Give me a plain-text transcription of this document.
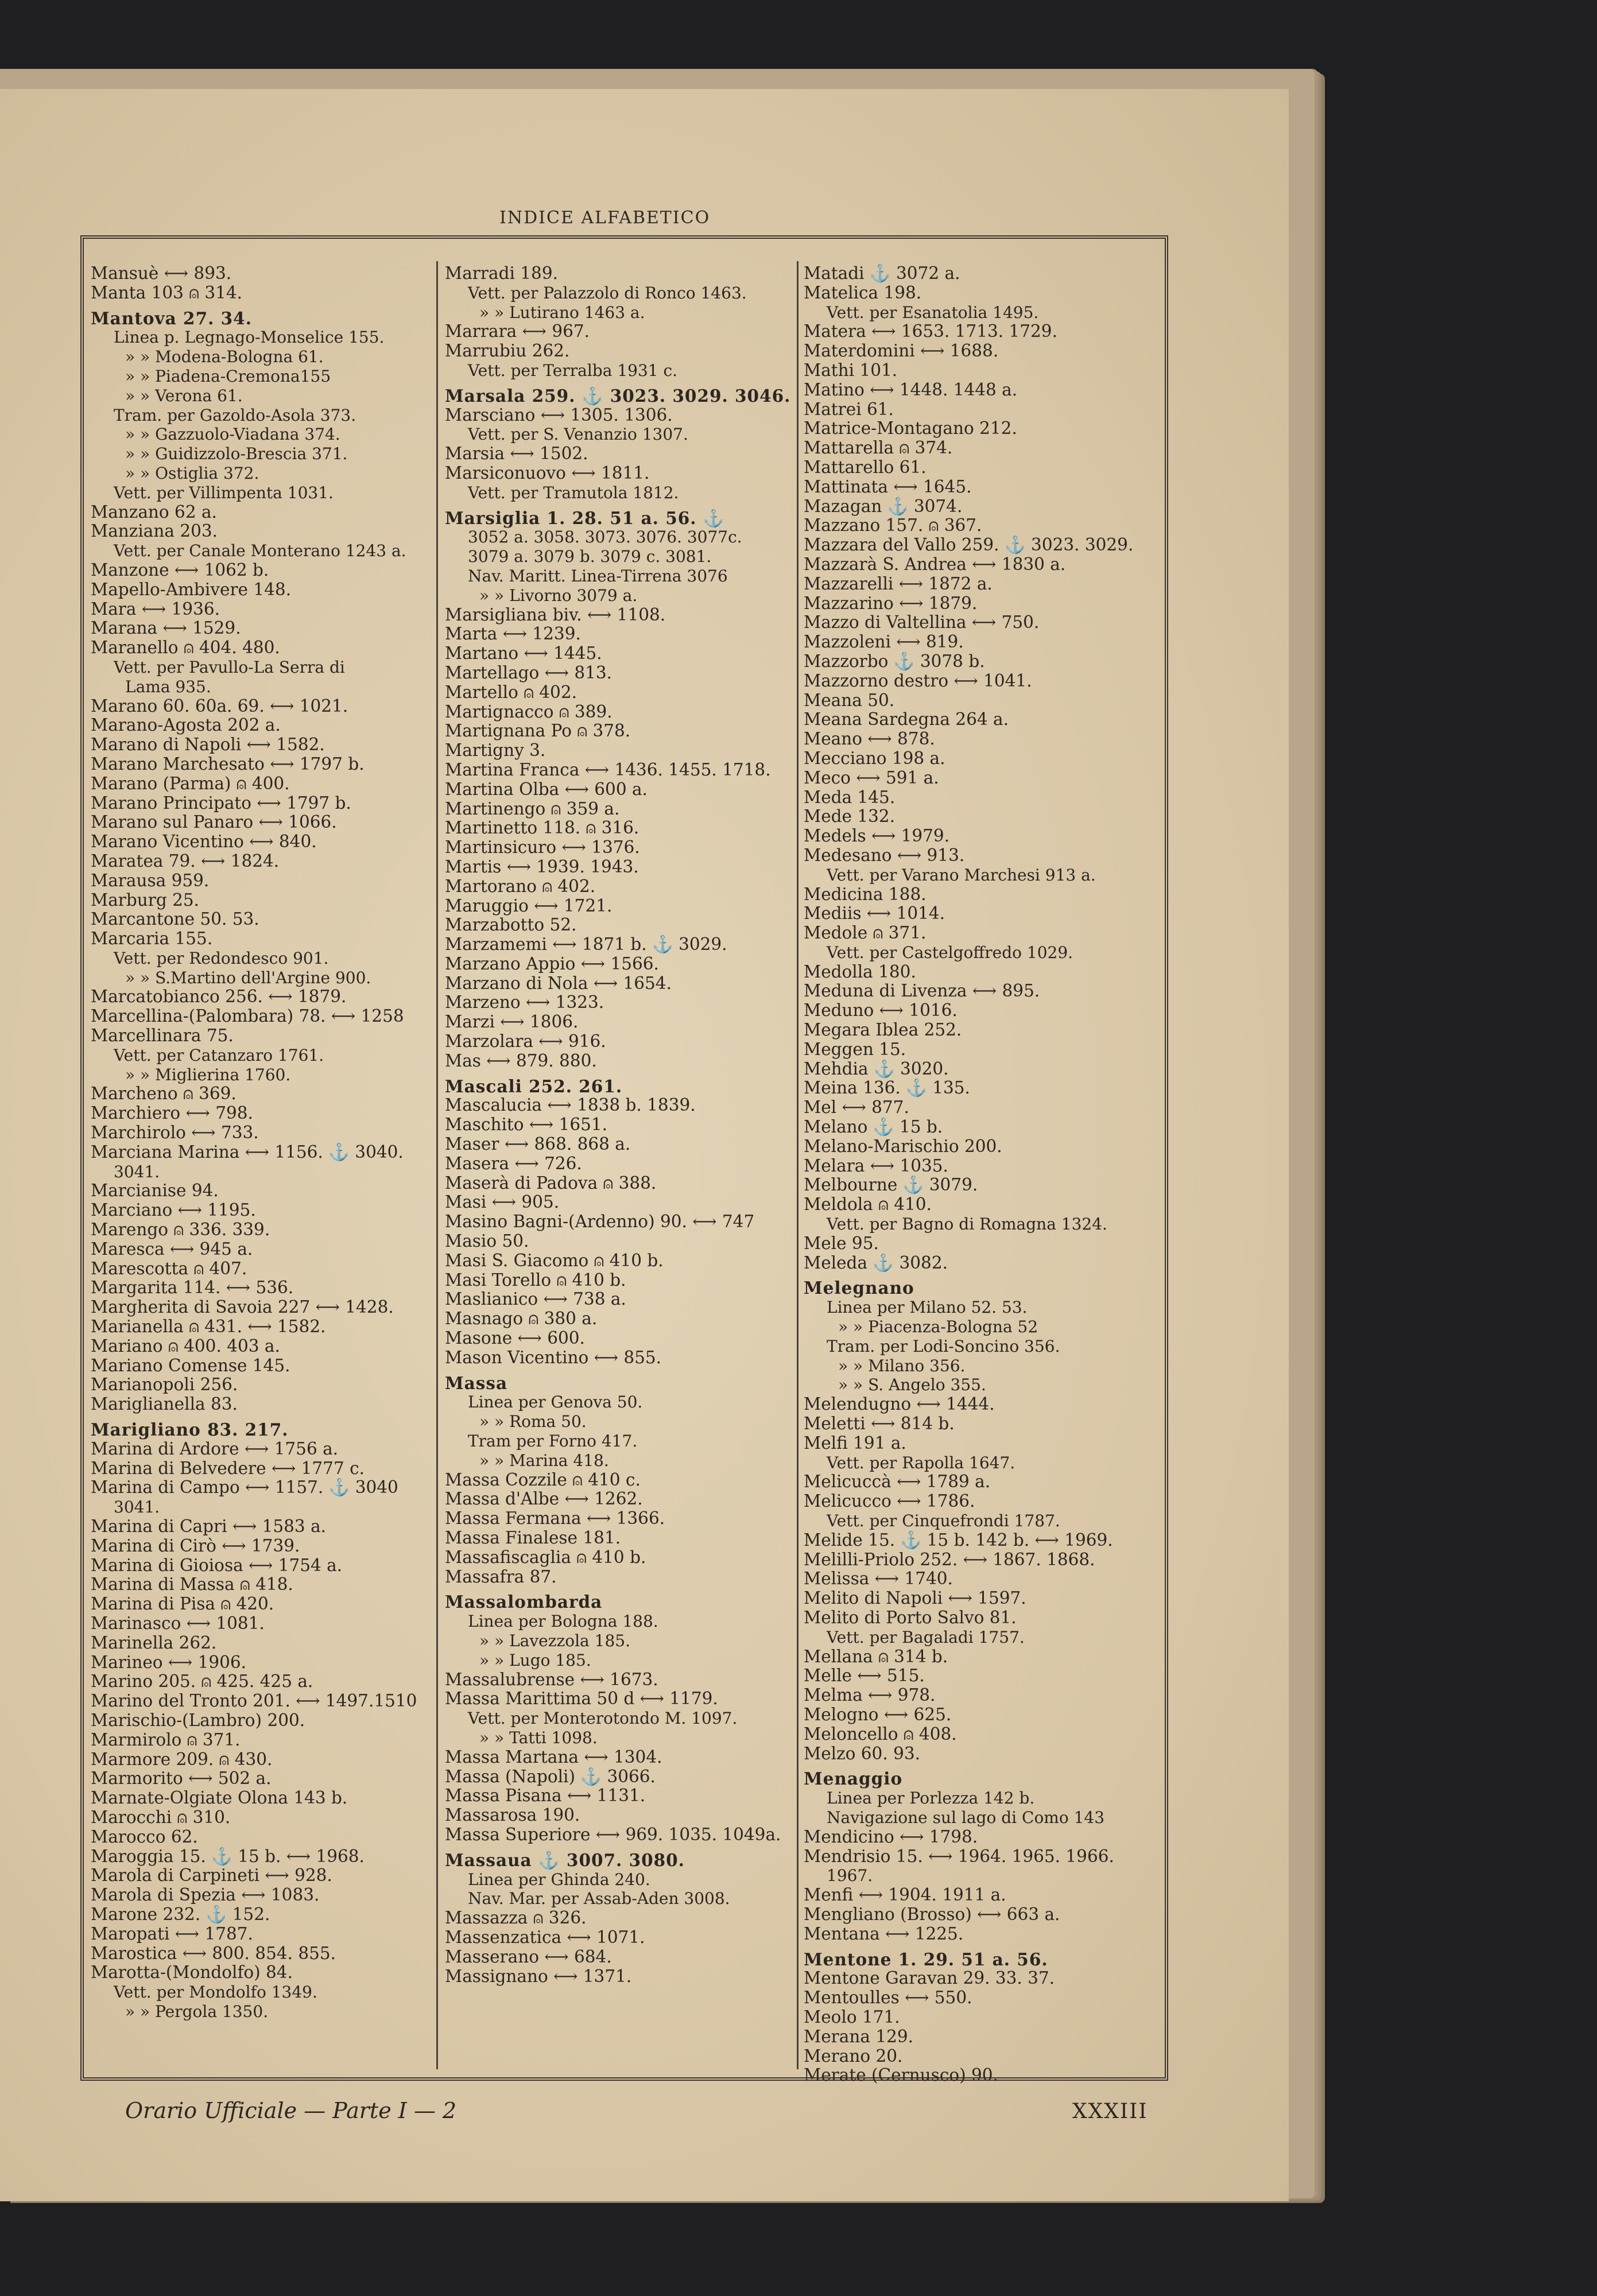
INDICE ALFABETICO
Mansuè ⟷ 893.
Manta 103 ⍝ 314.
Mantova 27. 34.
Linea p. Legnago-Monselice 155.
» » Modena-Bologna 61.
» » Piadena-Cremona155
» » Verona 61.
Tram. per Gazoldo-Asola 373.
» » Gazzuolo-Viadana 374.
» » Guidizzolo-Brescia 371.
» » Ostiglia 372.
Vett. per Villimpenta 1031.
Manzano 62 a.
Manziana 203.
Vett. per Canale Monterano 1243 a.
Manzone ⟷ 1062 b.
Mapello-Ambivere 148.
Mara ⟷ 1936.
Marana ⟷ 1529.
Maranello ⍝ 404. 480.
Vett. per Pavullo-La Serra di
Lama 935.
Marano 60. 60a. 69. ⟷ 1021.
Marano-Agosta 202 a.
Marano di Napoli ⟷ 1582.
Marano Marchesato ⟷ 1797 b.
Marano (Parma) ⍝ 400.
Marano Principato ⟷ 1797 b.
Marano sul Panaro ⟷ 1066.
Marano Vicentino ⟷ 840.
Maratea 79. ⟷ 1824.
Marausa 959.
Marburg 25.
Marcantone 50. 53.
Marcaria 155.
Vett. per Redondesco 901.
» » S.Martino dell'Argine 900.
Marcatobianco 256. ⟷ 1879.
Marcellina-(Palombara) 78. ⟷ 1258
Marcellinara 75.
Vett. per Catanzaro 1761.
» » Miglierina 1760.
Marcheno ⍝ 369.
Marchiero ⟷ 798.
Marchirolo ⟷ 733.
Marciana Marina ⟷ 1156. ⚓ 3040.
3041.
Marcianise 94.
Marciano ⟷ 1195.
Marengo ⍝ 336. 339.
Maresca ⟷ 945 a.
Marescotta ⍝ 407.
Margarita 114. ⟷ 536.
Margherita di Savoia 227 ⟷ 1428.
Marianella ⍝ 431. ⟷ 1582.
Mariano ⍝ 400. 403 a.
Mariano Comense 145.
Marianopoli 256.
Mariglianella 83.
Marigliano 83. 217.
Marina di Ardore ⟷ 1756 a.
Marina di Belvedere ⟷ 1777 c.
Marina di Campo ⟷ 1157. ⚓ 3040
3041.
Marina di Capri ⟷ 1583 a.
Marina di Cirò ⟷ 1739.
Marina di Gioiosa ⟷ 1754 a.
Marina di Massa ⍝ 418.
Marina di Pisa ⍝ 420.
Marinasco ⟷ 1081.
Marinella 262.
Marineo ⟷ 1906.
Marino 205. ⍝ 425. 425 a.
Marino del Tronto 201. ⟷ 1497.1510
Marischio-(Lambro) 200.
Marmirolo ⍝ 371.
Marmore 209. ⍝ 430.
Marmorito ⟷ 502 a.
Marnate-Olgiate Olona 143 b.
Marocchi ⍝ 310.
Marocco 62.
Maroggia 15. ⚓ 15 b. ⟷ 1968.
Marola di Carpineti ⟷ 928.
Marola di Spezia ⟷ 1083.
Marone 232. ⚓ 152.
Maropati ⟷ 1787.
Marostica ⟷ 800. 854. 855.
Marotta-(Mondolfo) 84.
Vett. per Mondolfo 1349.
» » Pergola 1350.
Marradi 189.
Vett. per Palazzolo di Ronco 1463.
» » Lutirano 1463 a.
Marrara ⟷ 967.
Marrubiu 262.
Vett. per Terralba 1931 c.
Marsala 259. ⚓ 3023. 3029. 3046.
Marsciano ⟷ 1305. 1306.
Vett. per S. Venanzio 1307.
Marsia ⟷ 1502.
Marsiconuovo ⟷ 1811.
Vett. per Tramutola 1812.
Marsiglia 1. 28. 51 a. 56. ⚓
3052 a. 3058. 3073. 3076. 3077c.
3079 a. 3079 b. 3079 c. 3081.
Nav. Maritt. Linea-Tirrena 3076
» » Livorno 3079 a.
Marsigliana biv. ⟷ 1108.
Marta ⟷ 1239.
Martano ⟷ 1445.
Martellago ⟷ 813.
Martello ⍝ 402.
Martignacco ⍝ 389.
Martignana Po ⍝ 378.
Martigny 3.
Martina Franca ⟷ 1436. 1455. 1718.
Martina Olba ⟷ 600 a.
Martinengo ⍝ 359 a.
Martinetto 118. ⍝ 316.
Martinsicuro ⟷ 1376.
Martis ⟷ 1939. 1943.
Martorano ⍝ 402.
Maruggio ⟷ 1721.
Marzabotto 52.
Marzamemi ⟷ 1871 b. ⚓ 3029.
Marzano Appio ⟷ 1566.
Marzano di Nola ⟷ 1654.
Marzeno ⟷ 1323.
Marzi ⟷ 1806.
Marzolara ⟷ 916.
Mas ⟷ 879. 880.
Mascali 252. 261.
Mascalucia ⟷ 1838 b. 1839.
Maschito ⟷ 1651.
Maser ⟷ 868. 868 a.
Masera ⟷ 726.
Maserà di Padova ⍝ 388.
Masi ⟷ 905.
Masino Bagni-(Ardenno) 90. ⟷ 747
Masio 50.
Masi S. Giacomo ⍝ 410 b.
Masi Torello ⍝ 410 b.
Maslianico ⟷ 738 a.
Masnago ⍝ 380 a.
Masone ⟷ 600.
Mason Vicentino ⟷ 855.
Massa
Linea per Genova 50.
» » Roma 50.
Tram per Forno 417.
» » Marina 418.
Massa Cozzile ⍝ 410 c.
Massa d'Albe ⟷ 1262.
Massa Fermana ⟷ 1366.
Massa Finalese 181.
Massafiscaglia ⍝ 410 b.
Massafra 87.
Massalombarda
Linea per Bologna 188.
» » Lavezzola 185.
» » Lugo 185.
Massalubrense ⟷ 1673.
Massa Marittima 50 d ⟷ 1179.
Vett. per Monterotondo M. 1097.
» » Tatti 1098.
Massa Martana ⟷ 1304.
Massa (Napoli) ⚓ 3066.
Massa Pisana ⟷ 1131.
Massarosa 190.
Massa Superiore ⟷ 969. 1035. 1049a.
Massaua ⚓ 3007. 3080.
Linea per Ghinda 240.
Nav. Mar. per Assab-Aden 3008.
Massazza ⍝ 326.
Massenzatica ⟷ 1071.
Masserano ⟷ 684.
Massignano ⟷ 1371.
Matadi ⚓ 3072 a.
Matelica 198.
Vett. per Esanatolia 1495.
Matera ⟷ 1653. 1713. 1729.
Materdomini ⟷ 1688.
Mathi 101.
Matino ⟷ 1448. 1448 a.
Matrei 61.
Matrice-Montagano 212.
Mattarella ⍝ 374.
Mattarello 61.
Mattinata ⟷ 1645.
Mazagan ⚓ 3074.
Mazzano 157. ⍝ 367.
Mazzara del Vallo 259. ⚓ 3023. 3029.
Mazzarà S. Andrea ⟷ 1830 a.
Mazzarelli ⟷ 1872 a.
Mazzarino ⟷ 1879.
Mazzo di Valtellina ⟷ 750.
Mazzoleni ⟷ 819.
Mazzorbo ⚓ 3078 b.
Mazzorno destro ⟷ 1041.
Meana 50.
Meana Sardegna 264 a.
Meano ⟷ 878.
Mecciano 198 a.
Meco ⟷ 591 a.
Meda 145.
Mede 132.
Medels ⟷ 1979.
Medesano ⟷ 913.
Vett. per Varano Marchesi 913 a.
Medicina 188.
Mediis ⟷ 1014.
Medole ⍝ 371.
Vett. per Castelgoffredo 1029.
Medolla 180.
Meduna di Livenza ⟷ 895.
Meduno ⟷ 1016.
Megara Iblea 252.
Meggen 15.
Mehdia ⚓ 3020.
Meina 136. ⚓ 135.
Mel ⟷ 877.
Melano ⚓ 15 b.
Melano-Marischio 200.
Melara ⟷ 1035.
Melbourne ⚓ 3079.
Meldola ⍝ 410.
Vett. per Bagno di Romagna 1324.
Mele 95.
Meleda ⚓ 3082.
Melegnano
Linea per Milano 52. 53.
» » Piacenza-Bologna 52
Tram. per Lodi-Soncino 356.
» » Milano 356.
» » S. Angelo 355.
Melendugno ⟷ 1444.
Meletti ⟷ 814 b.
Melfi 191 a.
Vett. per Rapolla 1647.
Melicuccà ⟷ 1789 a.
Melicucco ⟷ 1786.
Vett. per Cinquefrondi 1787.
Melide 15. ⚓ 15 b. 142 b. ⟷ 1969.
Melilli-Priolo 252. ⟷ 1867. 1868.
Melissa ⟷ 1740.
Melito di Napoli ⟷ 1597.
Melito di Porto Salvo 81.
Vett. per Bagaladi 1757.
Mellana ⍝ 314 b.
Melle ⟷ 515.
Melma ⟷ 978.
Melogno ⟷ 625.
Meloncello ⍝ 408.
Melzo 60. 93.
Menaggio
Linea per Porlezza 142 b.
Navigazione sul lago di Como 143
Mendicino ⟷ 1798.
Mendrisio 15. ⟷ 1964. 1965. 1966.
1967.
Menfi ⟷ 1904. 1911 a.
Mengliano (Brosso) ⟷ 663 a.
Mentana ⟷ 1225.
Mentone 1. 29. 51 a. 56.
Mentone Garavan 29. 33. 37.
Mentoulles ⟷ 550.
Meolo 171.
Merana 129.
Merano 20.
Merate (Cernusco) 90.
Orario Ufficiale — Parte I — 2	XXXIII
